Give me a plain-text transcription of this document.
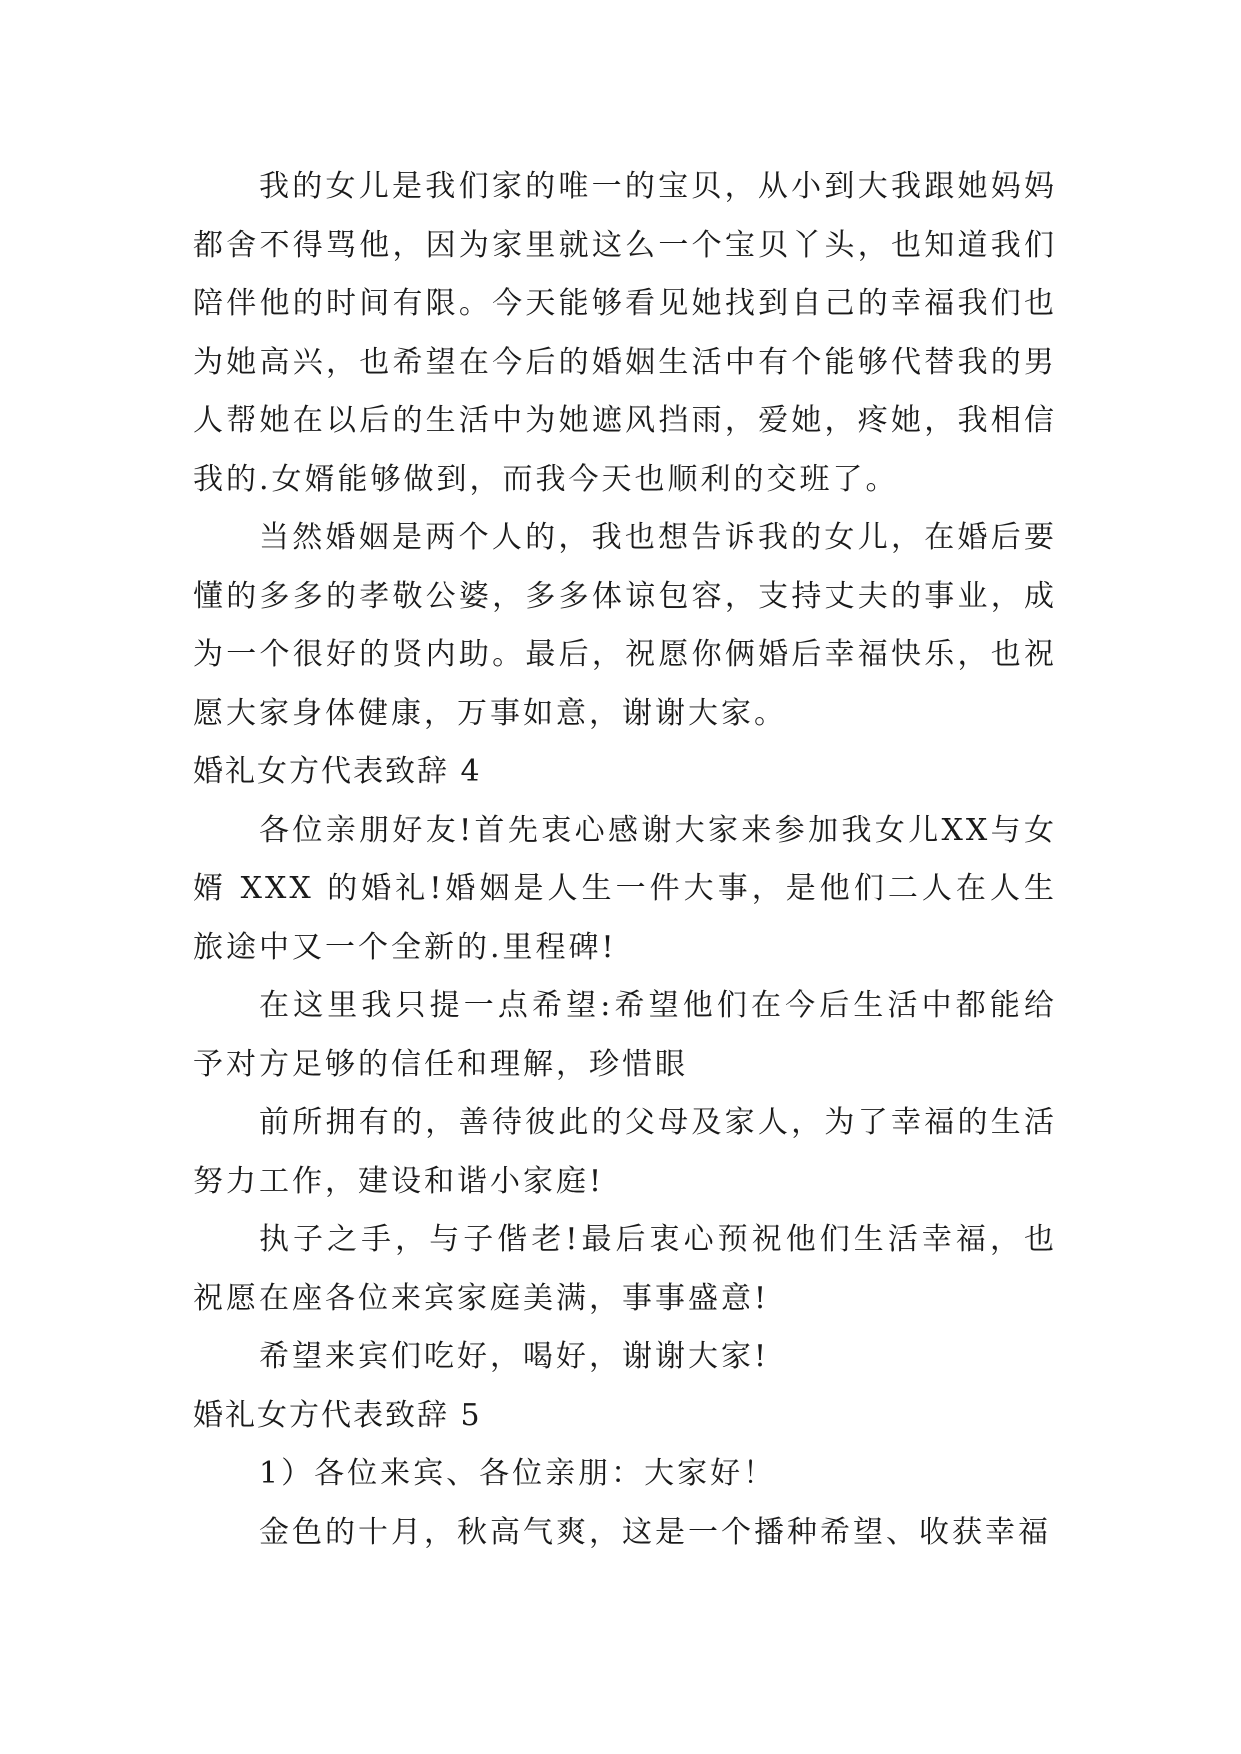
我的女儿是我们家的唯一的宝贝，从小到大我跟她妈妈都舍不得骂他，因为家里就这么一个宝贝丫头，也知道我们陪伴他的时间有限。今天能够看见她找到自己的幸福我们也为她高兴，也希望在今后的婚姻生活中有个能够代替我的男人帮她在以后的生活中为她遮风挡雨，爱她，疼她，我相信我的.女婿能够做到，而我今天也顺利的交班了。

当然婚姻是两个人的，我也想告诉我的女儿，在婚后要懂的多多的孝敬公婆，多多体谅包容，支持丈夫的事业，成为一个很好的贤内助。最后，祝愿你俩婚后幸福快乐，也祝愿大家身体健康，万事如意，谢谢大家。

婚礼女方代表致辞 4

各位亲朋好友!首先衷心感谢大家来参加我女儿XX与女婿 XXX 的婚礼!婚姻是人生一件大事，是他们二人在人生旅途中又一个全新的.里程碑!

在这里我只提一点希望:希望他们在今后生活中都能给予对方足够的信任和理解，珍惜眼

前所拥有的，善待彼此的父母及家人，为了幸福的生活努力工作，建设和谐小家庭!

执子之手，与子偕老!最后衷心预祝他们生活幸福，也祝愿在座各位来宾家庭美满，事事盛意!

希望来宾们吃好，喝好，谢谢大家!

婚礼女方代表致辞 5

1）各位来宾、各位亲朋：大家好！

金色的十月，秋高气爽，这是一个播种希望、收获幸福
